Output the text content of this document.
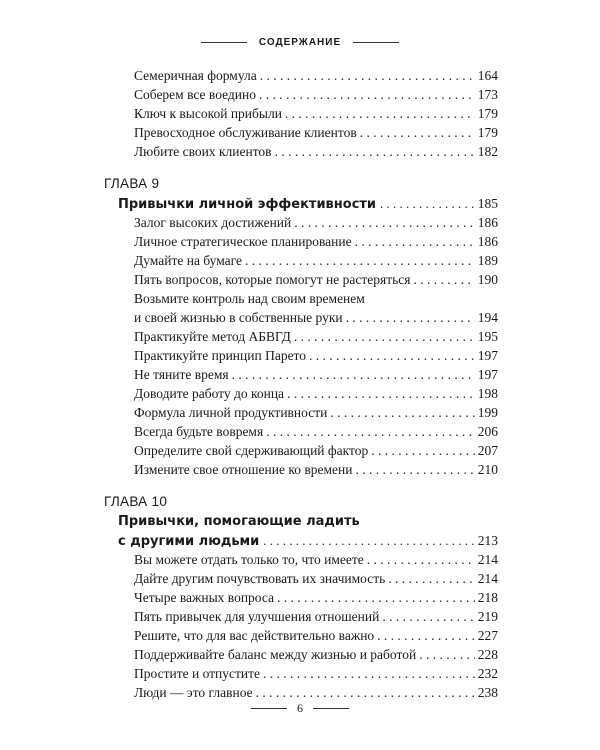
СОДЕРЖАНИЕ
Семеричная формула . . .	164
Соберем все воедино . . .	173
Ключ к высокой прибыли . . .	179
Превосходное обслуживание клиентов . . .	179
Любите своих клиентов . . .	182
ГЛАВА 9
Привычки личной эффективности . . .	185
Залог высоких достижений . . .	186
Личное стратегическое планирование . . .	186
Думайте на бумаге . . .	189
Пять вопросов, которые помогут не растеряться . . .	190
Возьмите контроль над своим временем
и своей жизнью в собственные руки . . .	194
Практикуйте метод АБВГД . . .	195
Практикуйте принцип Парето . . .	197
Не тяните время . . .	197
Доводите работу до конца . . .	198
Формула личной продуктивности . . .	199
Всегда будьте вовремя . . .	206
Определите свой сдерживающий фактор . . .	207
Измените свое отношение ко времени . . .	210
ГЛАВА 10
Привычки, помогающие ладить
с другими людьми . . .	213
Вы можете отдать только то, что имеете . . .	214
Дайте другим почувствовать их значимость . . .	214
Четыре важных вопроса . . .	218
Пять привычек для улучшения отношений . . .	219
Решите, что для вас действительно важно . . .	227
Поддерживайте баланс между жизнью и работой . . .	228
Простите и отпустите . . .	232
Люди — это главное . . .	238
6
